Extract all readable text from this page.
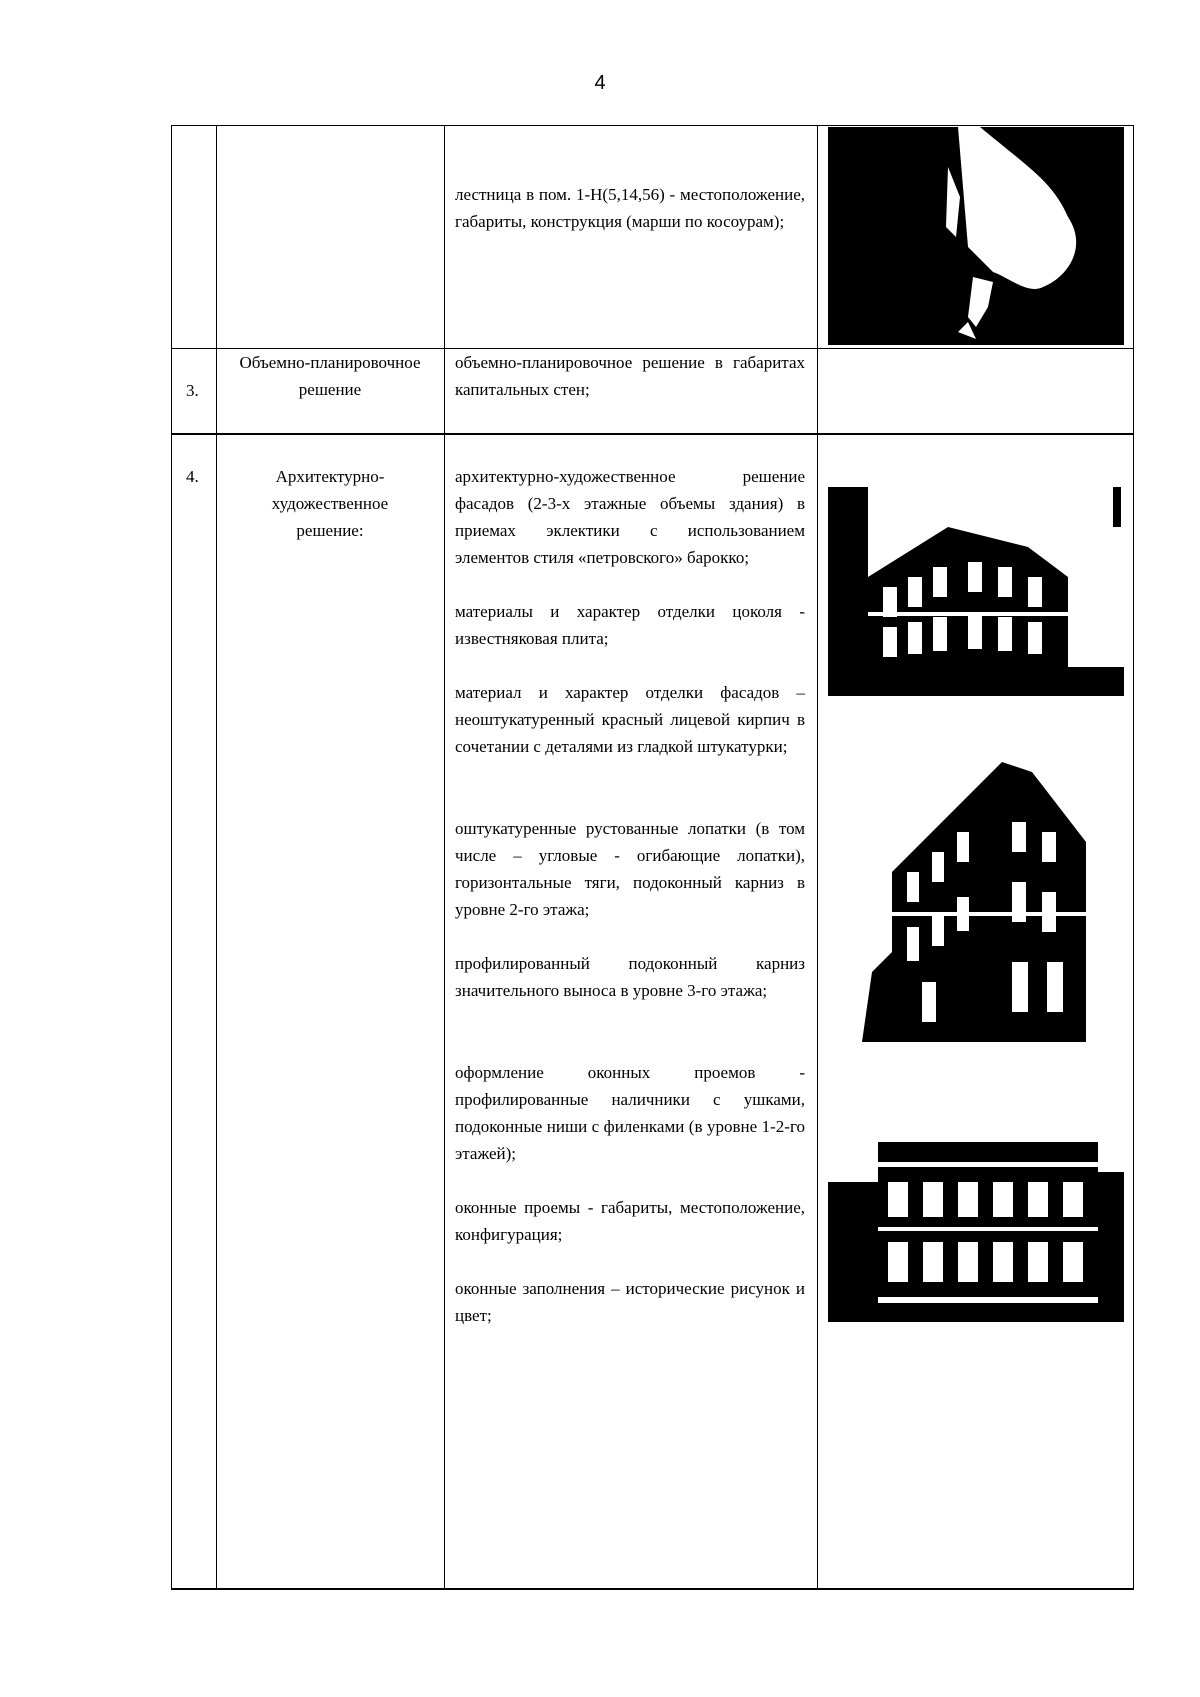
4

лестница в пом. 1-Н(5,14,56) - местоположение, габариты, конструкция (марши по косоурам);

3.
Объемно-планировочное решение

объемно-планировочное решение в габаритах капитальных стен;

4.	Архитектурно-художественное решение:

архитектурно-художественное решение фасадов (2-3-х этажные объемы здания) в приемах эклектики с использованием элементов стиля «петровского» барокко;

материалы и характер отделки цоколя - известняковая плита;

материал и характер отделки фасадов – неоштукатуренный красный лицевой кирпич в сочетании с деталями из гладкой штукатурки;

оштукатуренные рустованные лопатки (в том числе – угловые - огибающие лопатки), горизонтальные тяги, подоконный карниз в уровне 2-го этажа;

профилированный подоконный карниз значительного выноса в уровне 3-го этажа;

оформление оконных проемов - профилированные наличники с ушками, подоконные ниши с филенками (в уровне 1-2-го этажей);

оконные проемы - габариты, местоположение, конфигурация;

оконные заполнения – исторические рисунок и цвет;
